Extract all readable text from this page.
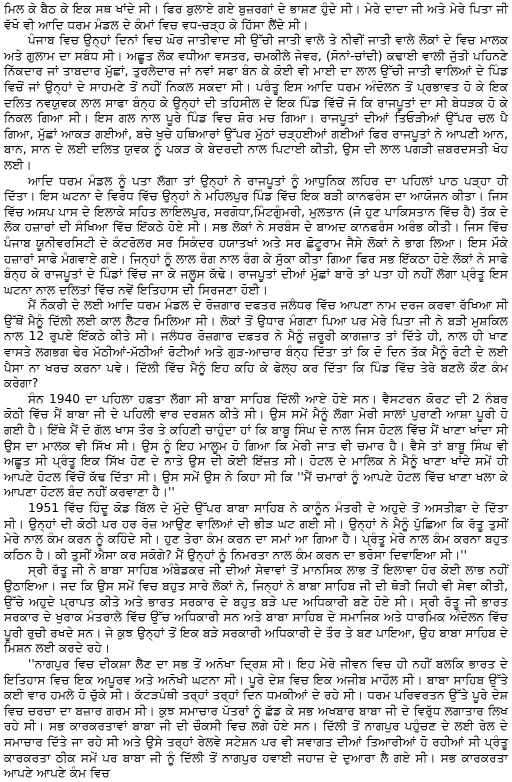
ਮਿਲ ਕੇ ਬੈਠ ਕੇ ਇਕ ਸਥ ਖਾਂਦੇ ਸੀ। ਫਿਰ ਬੁਲਾਏ ਗਏ ਬੁਜ਼ਰਗਾਂ ਦੇ ਭਾਸ਼ਣ ਹੁੰਦੇ ਸੀ। ਮੇਰੇ ਦਾਦਾ ਜੀ ਅਤੇ ਮੇਰੇ ਪਿਤਾ ਜੀ ਵੱਖੋ ਵੀ ਆਦਿ ਧਰਮ ਮੰਡਲ ਦੇ ਕੰਮਾਂ ਵਿਚ ਵਧ-ਚੜ੍ਹ ਕੇ ਹਿੱਸਾ ਲੈਂਦੇ ਸੀ।

ਪੰਜਾਬ ਵਿਚ ਉਨ੍ਹਾਂ ਦਿਨਾਂ ਵਿਚ ਘੋਰ ਜਾਤੀਵਾਦ ਸੀ ਉੱਚੀ ਜਾਤੀ ਵਾਲੇ ਤੇ ਨੀਵੀਂ ਜਾਤੀ ਵਾਲੇ ਲੋਕਾਂ ਦੇ ਵਿਚ ਮਾਲਕ ਅਤੇ ਗੁਲਾਮ ਦਾ ਸਬੰਧ ਸੀ। ਅਛੂਤ ਲੋਕ ਵਧੀਆ ਵਸਤਰ, ਚਮਕੀਲੇ ਜੇਵਰ, (ਸੋਨਾਂ-ਚਾਂਦੀ) ਕਢਾਈ ਵਾਲੀ ਜੁੱਤੀ ਪਹਿਨਣੇ ਨਿੱਕਦਾਰ ਜਾਂ ਤਾਬਦਾਰ ਮੁੱਛਾਂ, ਤੁਰਲੇਦਾਰ ਜਾਂ ਨਵਾਂ ਸਫਾ ਬੰਨ ਕੇ ਕੋਈ ਵੀ ਮਾਈ ਦਾ ਲਾਲ ਉੱਚੀ ਜਾਤੀ ਵਾਲਿਆਂ ਦੇ ਪਿੰਡ ਵਿਚੋਂ ਜਾਂ ਉਨ੍ਹਾਂ ਦੇ ਸਾਹਮਣੇ ਤੋਂ ਨਹੀਂ ਨਿਕਲ ਸਕਦਾ ਸੀ। ਪਰੰਤੂ ਇਸ ਆਦਿ ਧਰਮ ਅੰਦੋਲਨ ਤੋਂ ਪ੍ਰਭਾਵਤ ਹੋ ਕੇ ਇਕ ਦਲਿਤ ਨਵਯੁਵਕ ਲਾਲ ਸਾਫਾ ਬੰਨ੍ਹ ਕੇ ਉਨ੍ਹਾਂ ਦੀ ਤਹਿਸੀਲ ਦੇ ਇਕ ਪਿੰਡ ਵਿੱਚੋਂ ਜੋ ਕਿ ਰਾਜਪੂਤਾਂ ਦਾ ਸੀ ਬੇਧੜਕ ਹੋ ਕੇ ਨਿਕਲ ਗਿਆ ਸੀ। ਇਸ ਗਲ ਨਾਲ ਪੂਰੇ ਪਿੰਡ ਵਿਚ ਸ਼ੋਰ ਮਚ ਗਿਆ। ਰਾਜਪੂਤਾਂ ਦੀਆਂ ਤਿਓੜੀਆਂ ਉੱਪਰ ਚਲ ਪੈ ਗਿਆ, ਮੁੱਛਾਂ ਆਕੜ ਗਈਆਂ, ਬਚੇ ਖੁਚੇ ਹਥਿਆਰਾਂ ਉੱਪਰ ਮੁੱਠਾਂ ਚੜ੍ਹਈਆਂ ਗਈਆਂ ਫਿਰ ਰਾਜਪੂਤਾਂ ਨੇ ਆਪਣੀ ਆਨ, ਬਾਨ, ਸਾਨ ਦੇ ਲਈ ਦਲਿਤ ਯੁਵਕ ਨੂੰ ਪਕੜ ਕੇ ਬੇਦਰਦੀ ਨਾਲ ਪਿਟਾਈ ਕੀਤੀ, ਉਸ ਦੀ ਲਾਲ ਪਗੜੀ ਜ਼ਬਰਦਸਤੀ ਖੋਹ ਲਈ।

ਆਦਿ ਧਰਮ ਮੰਡਲ ਨੂੰ ਪਤਾ ਲੱਗਾ ਤਾਂ ਉਨ੍ਹਾਂ ਨੇ ਰਾਜਪੂਤਾਂ ਨੂੰ ਆਧੁਨਿਕ ਲਹਿਰ ਦਾ ਪਹਿਲਾਂ ਪਾਠ ਪੜ੍ਹਾ ਹੀ ਦਿੱਤਾ। ਇਸ ਘਟਨਾ ਦੇ ਵਿਰੋਧ ਵਿੱਚ ਉਨ੍ਹਾਂ ਨੇ ਮਹਿਲਪੁਰ ਪਿੰਡ ਵਿੱਚ ਇਕ ਬੜੀ ਕਾਨਫਰੰਸ ਦਾ ਆਯੋਜਨ ਕੀਤਾ। ਜਿਸ ਵਿੱਚ ਅਸਪ ਪਾਸ ਦੇ ਇਲਾਕੇ ਸਹਿਤ ਲਾਇਲਪੁਰ, ਸਰਗੋਧਾ,ਮਿੰਟਗੁੰਮਰੀ, ਮੁਲਤਾਨ (ਜੋ ਹੁਣ ਪਾਕਿਸਤਾਨ ਵਿੱਚ ਹੈ) ਤੱਕ ਦੇ ਲੋਕ ਹਜ਼ਾਰਾਂ ਦੀ ਸੰਖਿਆ ਵਿੱਚ ਇੱਕਠੇ ਹੋਏ ਸੀ। ਸਭ ਲੋਕਾਂ ਨੇ ਸਰਬੰਸ ਦੇ ਬਾਅਦ ਕਾਨਫਰੰਸ ਅਰੰਭ ਕੀਤੀ। ਜਿਸ ਵਿੱਚ ਪੰਜਾਬ ਯੂਨੀਵਰਸਿਟੀ ਦੇ ਕੰਟਰੋਲਰ ਸਰ ਸਿਕੰਦਰ ਹਯਾਤਖਾਂ ਅਤੇ ਸਰ ਛੋਟੂਰਾਮ ਜੈਸੇ ਲੋਕਾਂ ਨੇ ਭਾਗ ਲਿਆ। ਇਸ ਮੌਕੇ ਹਜ਼ਾਰਾਂ ਸਾਫੇ ਮੰਗਵਾਏ ਗਏ। ਜਿਨ੍ਹਾਂ ਨੂੰ ਲਾਲ ਰੰਗ ਨਾਲ ਰੰਗ ਕੇ ਸੁੱਕਾ ਕੀਤਾ ਗਿਆ ਫਿਰ ਸਭ ਇੱਕਠਾ ਹੋਏ ਲੋਕਾਂ ਨੇ ਸਾਫੇ ਬੰਨ੍ਹ ਕੇ ਰਾਜਪੂਤਾਂ ਦੇ ਪਿੰਡਾਂ ਵਿੱਚ ਜਾ ਕੇ ਜਲੂਸ ਕੱਢੇ। ਰਾਜਪੂਤਾਂ ਦੀਆਂ ਮੁੱਛਾਂ ਬਾਰੇ ਤਾਂ ਪਤਾ ਹੀ ਨਹੀਂ ਲੱਗਾ ਪ੍ਰੰਤੂ ਇਸ ਘਟਨਾ ਨਾਲ ਦਲਿਤਾਂ ਵਿੱਚ ਨਵੇਂ ਇਤਿਹਾਸ ਦੀ ਸਿਰਜਣਾ ਹੋਈ।

ਮੈਂ ਨੌਕਰੀ ਦੇ ਲਈ ਆਦਿ ਧਰਮ ਮੰਡਲ ਦੇ ਰੋਜ਼ਗਾਰ ਦਫਤਰ ਜਲੰਧਰ ਵਿੱਚ ਆਪਣਾ ਨਾਮ ਦਰਜ ਕਰਵਾ ਰੱਖਿਆ ਸੀ ਉੱਥੋਂ ਮੈਨੂੰ ਦਿੱਲੀ ਲਈ ਕਾਲ ਲੈਟਰ ਮਿਲਿਆ ਸੀ। ਲੋਕਾਂ ਤੋਂ ਉਧਾਰ ਮੰਗਣਾ ਪਿਆ ਪਰ ਮੇਰੇ ਪਿਤਾ ਜੀ ਨੇ ਬੜੀ ਮੁਸ਼ਕਿਲ ਨਾਲ 12 ਰੁਪਏ ਇੱਕਠੇ ਕੀਤੇ ਸੀ। ਜਲੰਧਰ ਰੋਜ਼ਗਾਰ ਦਫ਼ਤਰ ਨੇ ਮੈਨੂੰ ਜ਼ਰੂਰੀ ਕਾਗਜ਼ਾਤ ਤਾਂ ਦਿੱਤੇ ਹੀ, ਨਾਲ ਹੀ ਖਾਣ ਵਾਸਤੇ ਲਗਭਗ ਢੇਰ ਮੱਠੀਆਂ-ਮੱਠੀਆਂ ਰੋਟੀਆਂ ਅਤੇ ਗੁੜ-ਆਚਾਰ ਬੰਨ੍ਹ ਦਿੱਤਾ ਤਾਂ ਕਿ ਦੋ ਦਿਨ ਤੱਕ ਮੈਨੂੰ ਰੋਟੀ ਦੇ ਲਈ ਪੈਸਾ ਨਾ ਖਰਚ ਕਰਨਾ ਪਵੇ। ਦਿੱਲੀ ਵਿੱਚ ਮੈਨੂੰ ਇਹ ਕਹਿ ਕੇ ਫੇਲ੍ਹ ਕਰ ਦਿੱਤਾ ਕਿ ਪਿੰਡ ਵਿੱਚ ਤੇਰੇ ਬਣਲੇ ਕੌਣ ਕੰਮ ਕਰੇਗਾ?

ਸੰਨ 1940 ਦਾ ਪਹਿਲਾ ਹਫ਼ਤਾ ਲੱਗਾ ਸੀ ਬਾਬਾ ਸਾਹਿਬ ਦਿੱਲੀ ਆਏ ਹੋਏ ਸਨ। ਵੈਸਟਰਨ ਕੋਰਟ ਦੀ 2 ਨੰਬਰ ਕੋਠੀ ਵਿੱਚ ਮੈਂ ਬਾਬਾ ਜੀ ਦੇ ਪਹਿਲੀ ਵਾਰ ਦਰਸ਼ਨ ਕੀਤੇ ਸੀ। ਉਸ ਸਮੇਂ ਮੈਨੂੰ ਲੱਗਾ ਮੇਰੀ ਸਾਲਾਂ ਪੁਰਾਣੀ ਆਸ਼ਾ ਪੂਰੀ ਹੋ ਗਈ ਹੈ। ਇੱਥੇ ਮੈਂ ਦੋ ਗੱਲ ਖਾਸ ਤੌਰ ਤੇ ਕਹਿਣੀ ਚਾਹੁੰਦਾ ਹਾਂ ਕਿ ਬਾਬੂ ਸਿੰਘ ਦੇ ਨਾਲ ਜਿਸ ਹੋਟਲ ਵਿੱਚ ਮੈਂ ਖਾਣਾ ਖਾਂਦਾ ਸੀ ਉਸ ਦਾ ਮਾਲਕ ਵੀ ਸਿੱਖ ਸੀ। ਉਸ ਨੂੰ ਇਹ ਮਾਲੂਮ ਹੋ ਗਿਆ ਕਿ ਮੇਰੀ ਜਾਤ ਵੀ ਚਮਾਰ ਹੈ। ਵੈਸੇ ਤਾਂ ਬਾਬੂ ਸਿੰਘ ਵੀ ਅਛੂਤ ਸੀ ਪ੍ਰੰਤੂ ਇਕ ਸਿੱਖ ਹੋਣ ਦੇ ਨਾਤੇ ਉਸ ਦੀ ਕੋਈ ਇੱਜ਼ਤ ਸੀ। ਹੋਟਲ ਦੇ ਮਾਲਿਕ ਨੇ ਮੈਨੂੰ ਖਾਣਾ ਖਾਂਦੇ ਸਮੇਂ ਹੀ ਆਪਣੇ ਹੋਟਲ ਵਿੱਚੋਂ ਕੱਢ ਦਿੱਤਾ ਸੀ। ਉਸ ਸਮੇਂ ਉਸ ਨੇ ਕਿਹਾ ਸੀ ਕਿ ''ਮੈਂ ਚਮਾਰਾਂ ਨੂੰ ਆਪਣੇ ਹੋਟਲ ਵਿੱਚ ਖਾਣਾ ਖਲਾ ਕੇ ਆਪਣਾ ਹੋਟਲ ਬੰਦ ਨਹੀਂ ਕਰਵਾਣਾ ਹੈ।''

1951 ਵਿੱਚ ਹਿੰਦੂ ਕੋਡ ਬਿੱਲ ਦੇ ਮੁੱਦੇ ਉੱਪਰ ਬਾਬਾ ਸਾਹਿਬ ਨੇ ਕਾਨੂੰਨ ਮੰਤਰੀ ਦੇ ਅਹੁਦੇ ਤੋਂ ਅਸਤੀਫ਼ਾ ਦੇ ਦਿੱਤਾ ਸੀ। ਉਨ੍ਹਾਂ ਦੀ ਕੋਠੀ ਪਰ ਹਰ ਰੋਜ਼ ਆਉਣ ਵਾਲਿਆਂ ਦੀ ਭੀੜ ਘਟ ਗਈ ਸੀ। ਉਨ੍ਹਾਂ ਨੇ ਮੈਨੂੰ ਪੁੱਛਿਆ ਕਿ ਰੱਤੂ ਤੁਸੀਂ ਮੇਰੇ ਨਾਲ ਕੰਮ ਕਰਨ ਨੂੰ ਕਹਿੰਦੇ ਸੀ। ਹੁਣ ਤੇਰਾ ਕੰਮ ਕਰਨ ਦਾ ਸਮਾਂ ਆ ਗਿਆ ਹੈ। ਪ੍ਰੰਤੂ ਮੇਰੇ ਨਾਲ ਕੰਮ ਕਰਨਾ ਬਹੁਤ ਕਠਿਨ ਹੈ। ਕੀ ਤੁਸੀਂ ਐਸਾ ਕਰ ਸਕੋਗੇ? ਮੈਂ ਉਨ੍ਹਾਂ ਨੂੰ ਨਿਮਰਤਾ ਨਾਲ ਕੰਮ ਕਰਨ ਦਾ ਭਰੋਸਾ ਦਿਵਾਇਆ ਸੀ।''

ਸ੍ਰੀ ਰੱਤੂ ਜੀ ਨੇ ਬਾਬਾ ਸਾਹਿਬ ਅੰਬੇਡਕਰ ਜੀ ਦੀਆਂ ਸੇਵਾਵਾਂ ਤੋਂ ਮਾਨਸਿਕ ਲਾਭ ਤੋਂ ਇਲਾਵਾ ਹੋਰ ਕੋਈ ਲਾਭ ਨਹੀਂ ਉਠਾਇਆ। ਜਦ ਕਿ ਉਸ ਸਮੇਂ ਵਿਚ ਬਹੁਤ ਸਾਰੇ ਲੋਕਾਂ ਨੇ, ਜਿਨ੍ਹਾਂ ਨੇ ਬਾਬਾ ਸਾਹਿਬ ਜੀ ਦੀ ਥੋੜੀ ਜਿਹੀ ਵੀ ਸੇਵਾ ਕੀਤੀ, ਉੱਚੇ ਅਹੁਦੇ ਪ੍ਰਾਪਤ ਕੀਤੇ ਅਤੇ ਭਾਰਤ ਸਰਕਾਰ ਦੇ ਬਹੁਤ ਬੜੇ ਪਦ ਅਧਿਕਾਰੀ ਬਣੇ ਹੋਏ ਸੀ। ਸ੍ਰੀ ਰੱਤੂ ਜੀ ਭਾਰਤ ਸਰਕਾਰ ਦੇ ਖੁਰਾਕ ਮੰਤਰਾਲੇ ਵਿੱਚ ਉੱਚ ਅਧਿਕਾਰੀ ਸਨ ਅਤੇ ਬਾਬਾ ਸਾਹਿਬ ਦੇ ਸਮਾਜਿਕ ਅਤੇ ਧਾਰਮਿਕ ਅੰਦੋਲਨ ਵਿੱਚ ਪੂਰੀ ਰੁਚੀ ਰਖਦੇ ਸਨ। ਜੇ ਕੁਝ ਉਨ੍ਹਾਂ ਤੋਂ ਇਕ ਬੜੇ ਸਰਕਾਰੀ ਅਧਿਕਾਰੀ ਦੇ ਤੌਰ ਤੇ ਬਣ ਪਾਇਆ, ਉਹ ਬਾਬਾ ਸਾਹਿਬ ਦੇ ਮਿਸ਼ਨ ਲਈ ਕਰਦੇ ਰਹੇ।

''ਨਾਗਪੁਰ ਵਿਚ ਦੀਕਸ਼ਾ ਲੈਣ ਦਾ ਸਭ ਤੋਂ ਅਨੋਖਾ ਦ੍ਰਿਸ਼ ਸੀ। ਇਹ ਮੇਰੇ ਜੀਵਨ ਵਿਚ ਹੀ ਨਹੀਂ ਬਲਕਿ ਭਾਰਤ ਦੇ ਇਤਿਹਾਸ ਵਿਚ ਇਕ ਅਪੂਰਵ ਅਤੇ ਅਨੋਖੀ ਘਟਨਾ ਸੀ। ਪੂਰੇ ਦੇਸ਼ ਵਿਚ ਇਕ ਅਜੀਬ ਮਾਹੌਲ ਸੀ। ਬਾਬਾ ਸਾਹਿਬ ਉੱਤੇ ਕਈ ਵਾਰ ਹਮਲੇ ਹੋ ਚੁੱਕੇ ਸੀ। ਕੱਟੜਪੰਥੀ ਤਰ੍ਹਾਂ ਤਰ੍ਹਾਂ ਦਿਨ ਧਮਕੀਆਂ ਦੇ ਰਹੇ ਸੀ। ਧਰਮ ਪਰਿਵਰਤਨ ਉੱਤੇ ਪੂਰੇ ਦੇਸ਼ ਵਿਚ ਚਰਚਾ ਦਾ ਬਜ਼ਾਰ ਗਰਮ ਸੀ। ਕੁਝ ਸਮਾਚਾਰ ਪੱਤਰਾਂ ਨੂੰ ਛੱਡ ਕੇ ਸਭ ਅਖਬਾਰ ਬਾਬਾ ਜੀ ਦੇ ਵਿਰੁੱਧ ਲਗਾਤਾਰ ਲਿਖ ਰਹੇ ਸੀ। ਸਭ ਕਾਰਕਰਤਾਵਾਂ ਬਾਬਾ ਜੀ ਦੀ ਚੌਕਸੀ ਵਿਚ ਲਗੇ ਹੋਏ ਸਨ। ਦਿੱਲੀ ਤੋਂ ਨਾਗਪੁਰ ਪਹੁੰਚਣ ਦੇ ਲਈ ਰੇਲ ਦੇ ਸਮਾਚਾਰ ਦਿੱਤੇ ਜਾ ਰਹੇ ਸੀ ਅਤੇ ਉਸੇ ਤਰ੍ਹਾਂ ਰੇਲਵੇ ਸਟੇਸ਼ਨ ਪਰ ਵੀ ਸਵਾਗਤ ਦੀਆਂ ਤਿਆਰੀਆਂ ਹੋ ਰਹੀਆਂ ਸੀ ਪ੍ਰੰਤੂ ਕਾਰਕਰਤਾ ਠੀਕ ਸਮੇਂ ਪਰ ਬਾਬਾ ਜੀ ਨੂੰ ਦਿੱਲੀ ਤੋਂ ਨਾਗਪੁਰ ਹਵਾਈ ਜਹਾਜ਼ ਦੇ ਦੁਆਰਾ ਲੈ ਗਏ ਸੀ। ਸਭ ਕਾਰਕਰਤਾ ਆਪਣੇ ਆਪਣੇ ਕੰਮ ਵਿਚ
